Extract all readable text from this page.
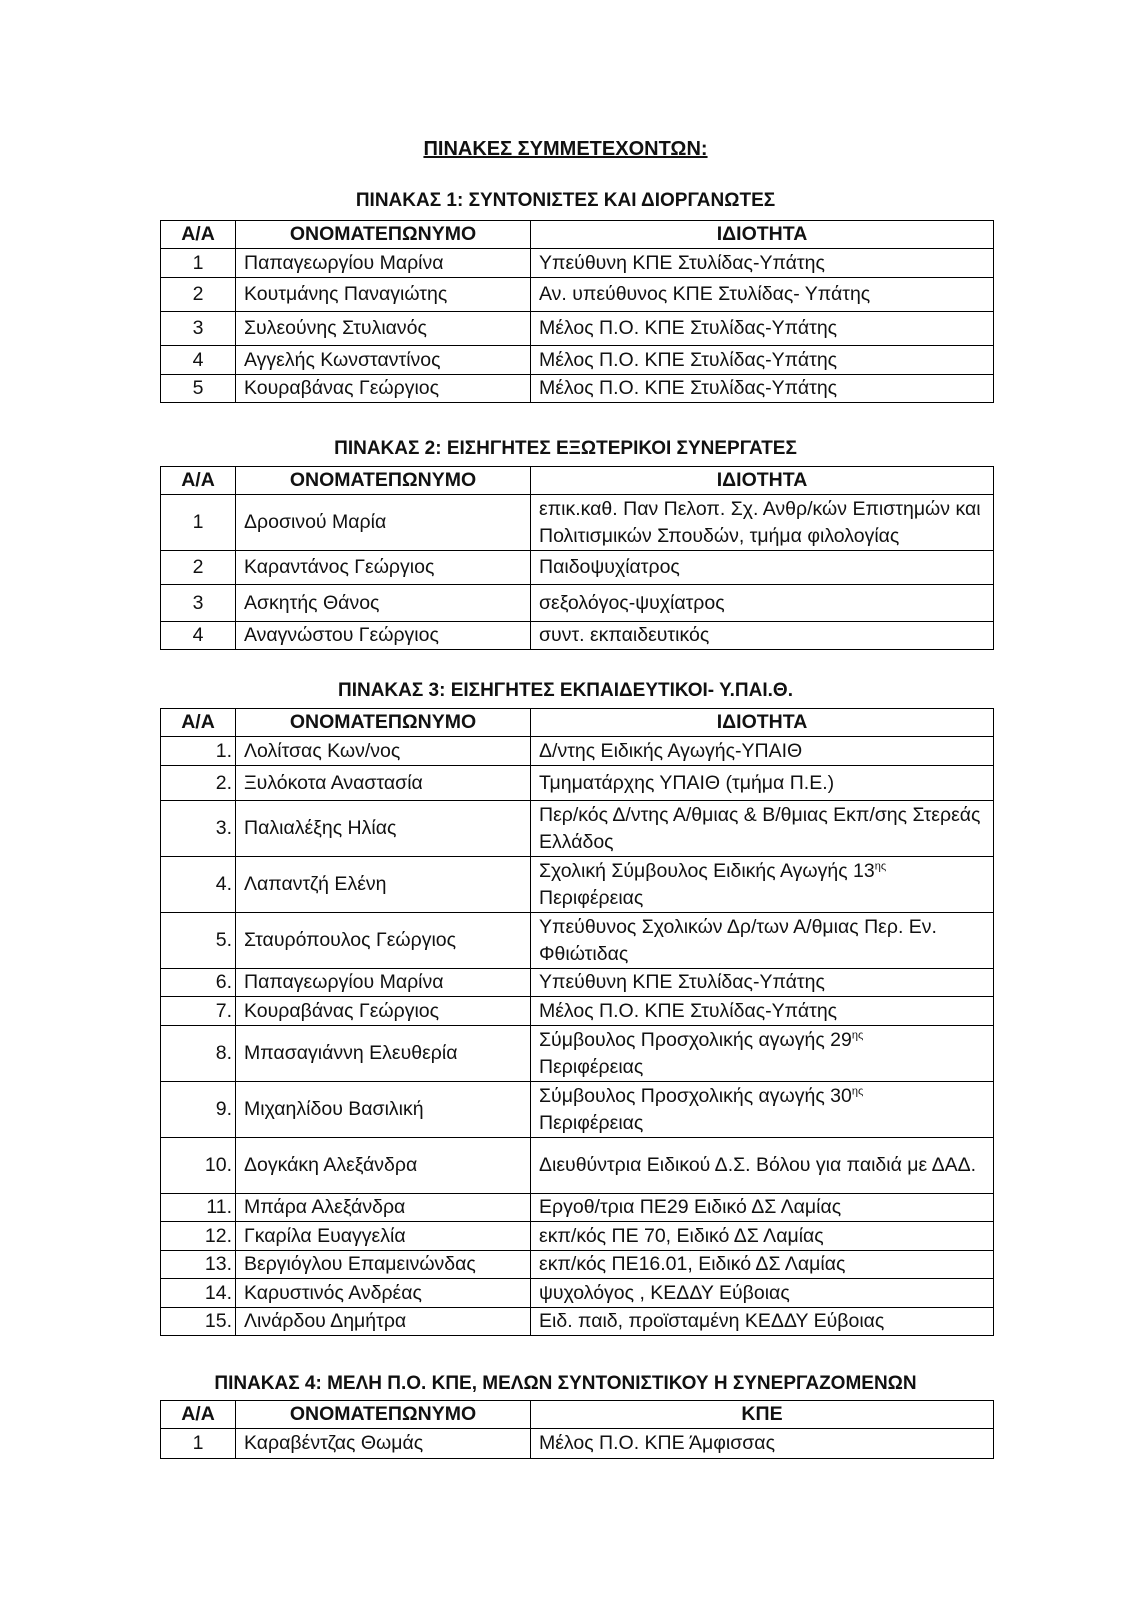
ΠΙΝΑΚΕΣ ΣΥΜΜΕΤΕΧΟΝΤΩΝ:
ΠΙΝΑΚΑΣ 1: ΣΥΝΤΟΝΙΣΤΕΣ ΚΑΙ ΔΙΟΡΓΑΝΩΤΕΣ
Α/Α	ΟΝΟΜΑΤΕΠΩΝΥΜΟ	ΙΔΙΟΤΗΤΑ
1	Παπαγεωργίου Μαρίνα	Υπεύθυνη ΚΠΕ Στυλίδας-Υπάτης
2	Κουτμάνης Παναγιώτης	Αν. υπεύθυνος ΚΠΕ Στυλίδας- Υπάτης
3	Συλεούνης Στυλιανός	Μέλος Π.Ο. ΚΠΕ Στυλίδας-Υπάτης
4	Αγγελής Κωνσταντίνος	Μέλος Π.Ο. ΚΠΕ Στυλίδας-Υπάτης
5	Κουραβάνας Γεώργιος	Μέλος Π.Ο. ΚΠΕ Στυλίδας-Υπάτης
ΠΙΝΑΚΑΣ 2: ΕΙΣΗΓΗΤΕΣ ΕΞΩΤΕΡΙΚΟΙ ΣΥΝΕΡΓΑΤΕΣ
Α/Α	ΟΝΟΜΑΤΕΠΩΝΥΜΟ	ΙΔΙΟΤΗΤΑ
1	Δροσινού Μαρία	επικ.καθ. Παν Πελοπ. Σχ. Ανθρ/κών Επιστημών και Πολιτισμικών Σπουδών, τμήμα φιλολογίας
2	Καραντάνος Γεώργιος	Παιδοψυχίατρος
3	Ασκητής Θάνος	σεξολόγος-ψυχίατρος
4	Αναγνώστου Γεώργιος	συντ. εκπαιδευτικός
ΠΙΝΑΚΑΣ 3: ΕΙΣΗΓΗΤΕΣ ΕΚΠΑΙΔΕΥΤΙΚΟΙ- Υ.ΠΑΙ.Θ.
Α/Α	ΟΝΟΜΑΤΕΠΩΝΥΜΟ	ΙΔΙΟΤΗΤΑ
1.	Λολίτσας Κων/νος	Δ/ντης Ειδικής Αγωγής-ΥΠΑΙΘ
2.	Ξυλόκοτα Αναστασία	Τμηματάρχης ΥΠΑΙΘ (τμήμα Π.Ε.)
3.	Παλιαλέξης Ηλίας	Περ/κός Δ/ντης Α/θμιας & Β/θμιας Εκπ/σης Στερεάς Ελλάδος
4.	Λαπαντζή Ελένη	Σχολική Σύμβουλος Ειδικής Αγωγής $13^{\eta\varsigma}$
Περιφέρειας
5.	Σταυρόπουλος Γεώργιος	Υπεύθυνος Σχολικών Δρ/των Α/θμιας Περ. Εν. Φθιώτιδας
6.	Παπαγεωργίου Μαρίνα	Υπεύθυνη ΚΠΕ Στυλίδας-Υπάτης
7.	Κουραβάνας Γεώργιος	Μέλος Π.Ο. ΚΠΕ Στυλίδας-Υπάτης
8.	Μπασαγιάννη Ελευθερία	Σύμβουλος Προσχολικής αγωγής $29^{\eta\varsigma}$
Περιφέρειας
9.	Μιχαηλίδου Βασιλική	Σύμβουλος Προσχολικής αγωγής $30^{\eta\varsigma}$
Περιφέρειας
10.	Δογκάκη Αλεξάνδρα	Διευθύντρια Ειδικού Δ.Σ. Βόλου για παιδιά με ΔΑΔ.
11.	Μπάρα Αλεξάνδρα	Εργοθ/τρια ΠΕ29 Ειδικό ΔΣ Λαμίας
12.	Γκαρίλα Ευαγγελία	εκπ/κός ΠΕ 70, Ειδικό ΔΣ Λαμίας
13.	Βεργιόγλου Επαμεινώνδας	εκπ/κός ΠΕ16.01, Ειδικό ΔΣ Λαμίας
14.	Καρυστινός Ανδρέας	ψυχολόγος , ΚΕΔΔΥ Εύβοιας
15.	Λινάρδου Δημήτρα	Ειδ. παιδ, προϊσταμένη ΚΕΔΔΥ Εύβοιας
ΠΙΝΑΚΑΣ 4: ΜΕΛΗ Π.Ο. ΚΠΕ, ΜΕΛΩΝ ΣΥΝΤΟΝΙΣΤΙΚΟΥ Η ΣΥΝΕΡΓΑΖΟΜΕΝΩΝ
Α/Α	ΟΝΟΜΑΤΕΠΩΝΥΜΟ	ΚΠΕ
1	Καραβέντζας Θωμάς	Μέλος Π.Ο. ΚΠΕ Άμφισσας
